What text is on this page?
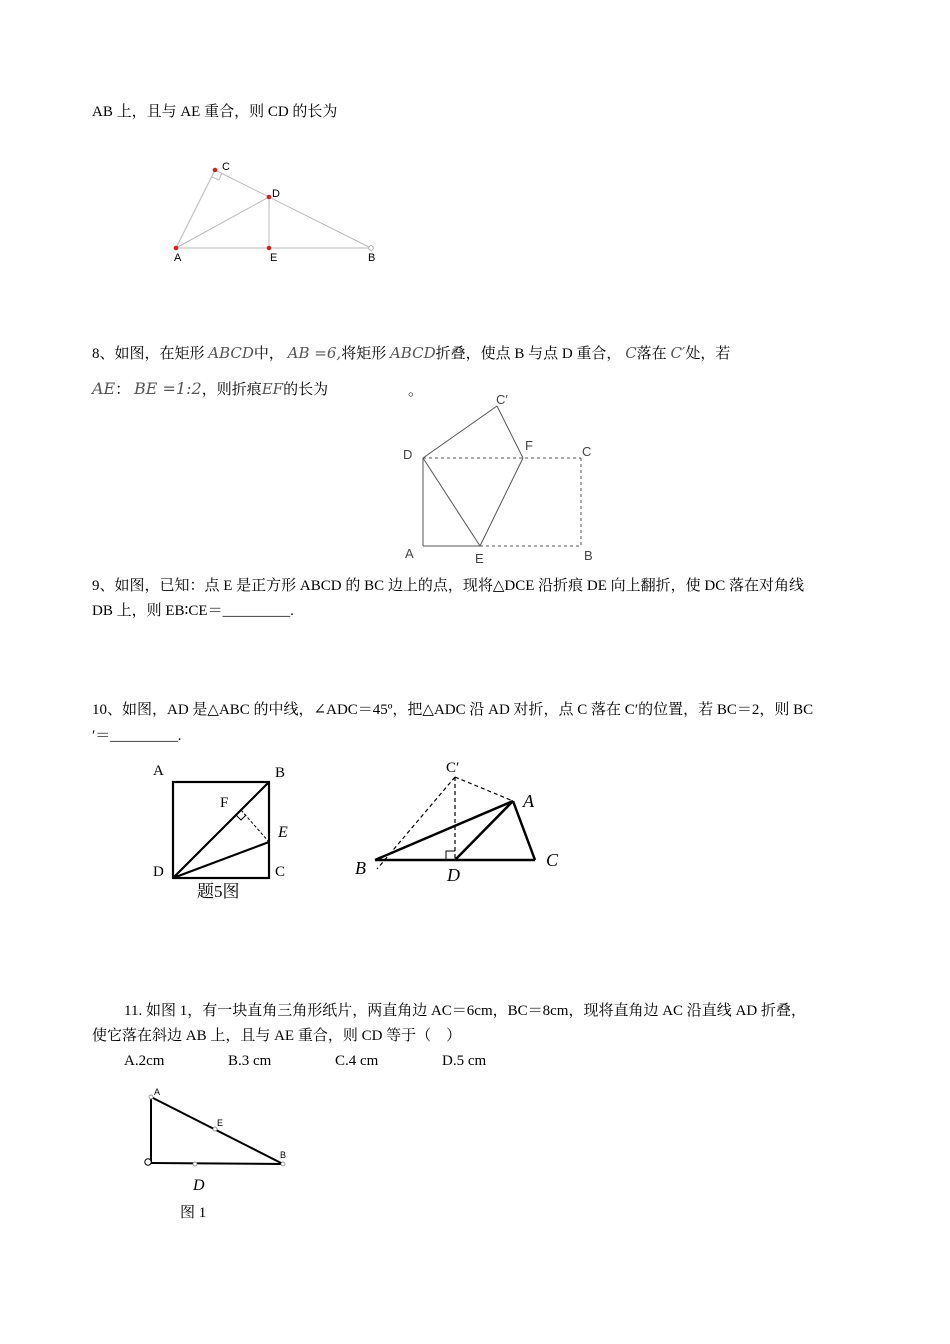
AB 上，且与 AE 重合，则 CD 的长为
C
D
A	E	B
8、如图，在矩形 ABCD中， AB =6,将矩形 ABCD折叠，使点 B 与点 D 重合， C落在 C′处，若
AE： BE =1:2，则折痕EF的长为	。
C′
F
D	C
A	E	B
9、如图，已知：点 E 是正方形 ABCD 的 BC 边上的点，现将△DCE 沿折痕 DE 向上翻折，使 DC 落在对角线
DB 上，则 EB∶CE＝_________.
10、如图，AD 是△ABC 的中线，∠ADC＝45º，把△ADC 沿 AD 对折，点 C 落在 C′的位置，若 BC＝2，则 BC
′＝_________.
A	B
F
E
D	C
题5图
C′
A
B	D
C
11. 如图 1，有一块直角三角形纸片，两直角边 AC＝6cm，BC＝8cm，现将直角边 AC 沿直线 AD 折叠，
使它落在斜边 AB 上，且与 AE 重合，则 CD 等于（　）
A.2cm	B.3 cm	C.4 cm	D.5 cm
A
E
B
D
图 1
